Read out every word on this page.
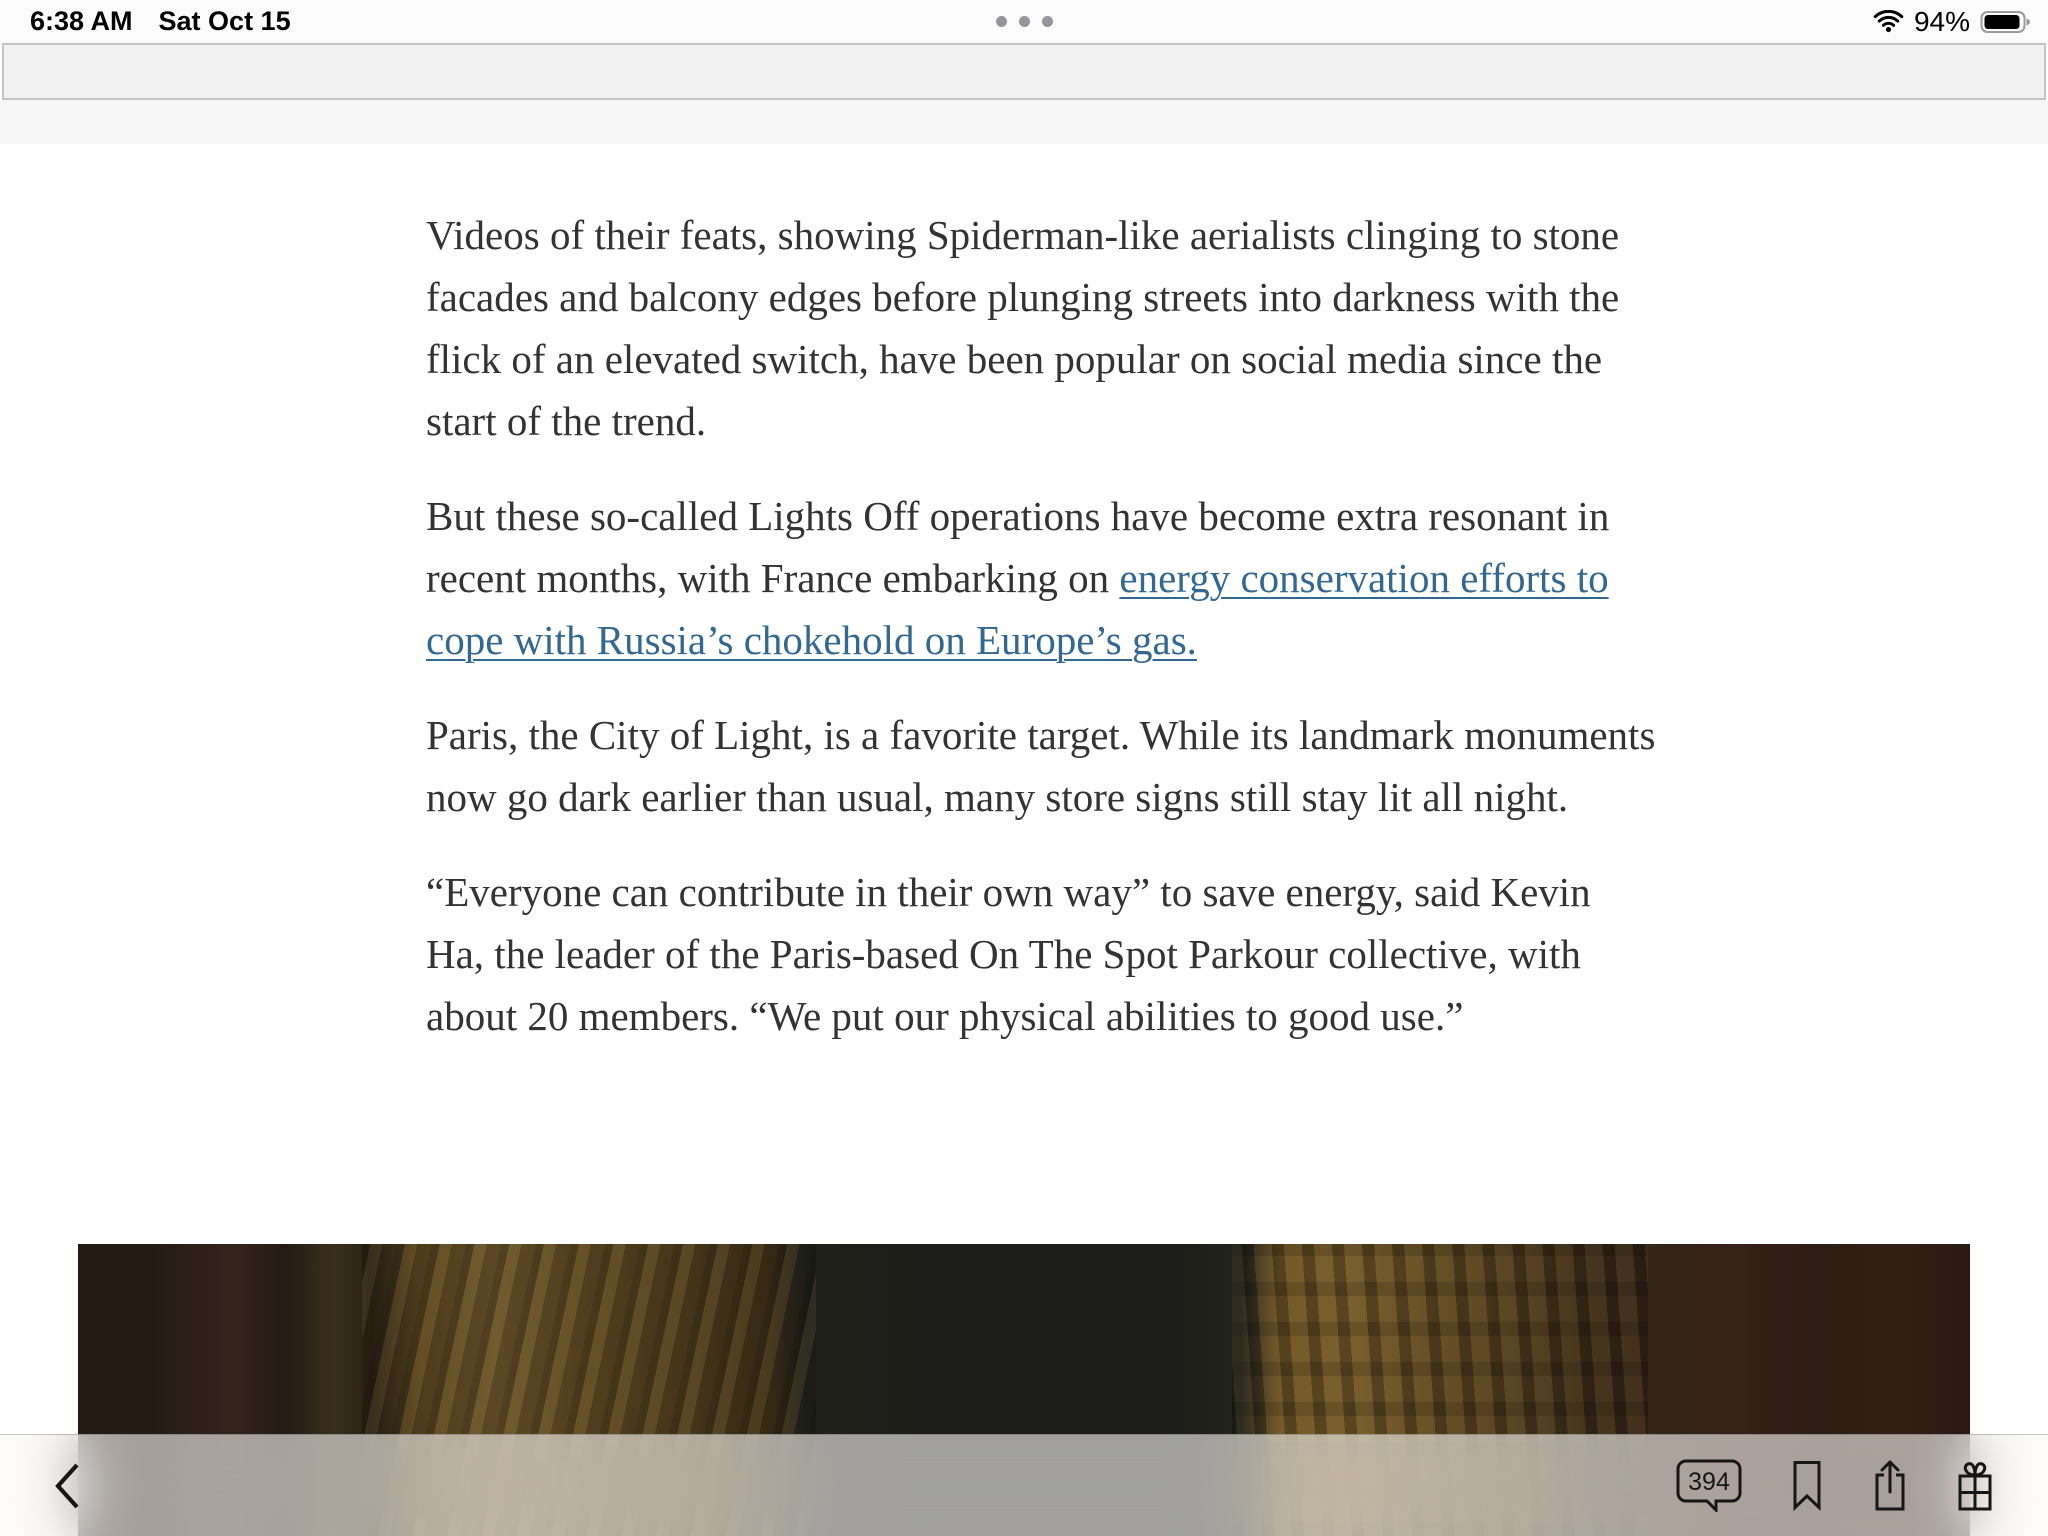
6:38 AM Sat Oct 15	94%

Videos of their feats, showing Spiderman-like aerialists clinging to stone facades and balcony edges before plunging streets into darkness with the flick of an elevated switch, have been popular on social media since the start of the trend.

But these so-called Lights Off operations have become extra resonant in recent months, with France embarking on energy conservation efforts to cope with Russia’s chokehold on Europe’s gas.

Paris, the City of Light, is a favorite target. While its landmark monuments now go dark earlier than usual, many store signs still stay lit all night.

“Everyone can contribute in their own way” to save energy, said Kevin Ha, the leader of the Paris-based On The Spot Parkour collective, with about 20 members. “We put our physical abilities to good use.”

394
